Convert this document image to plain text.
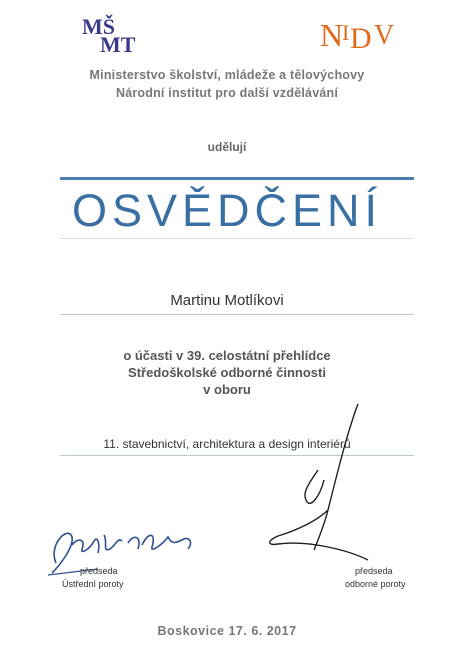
MŠ
MT	N
I D V
Ministerstvo školství, mládeže a tělovýchovy
Národní institut pro další vzdělávání
udělují
OSVĚDČENÍ
Martinu Motlíkovi
o účasti v 39. celostátní přehlídce
Středoškolské odborné činnosti
v oboru
11. stavebnictví, architektura a design interiérů
předseda
Ústřední poroty
předseda
odborné poroty
Boskovice 17. 6. 2017
